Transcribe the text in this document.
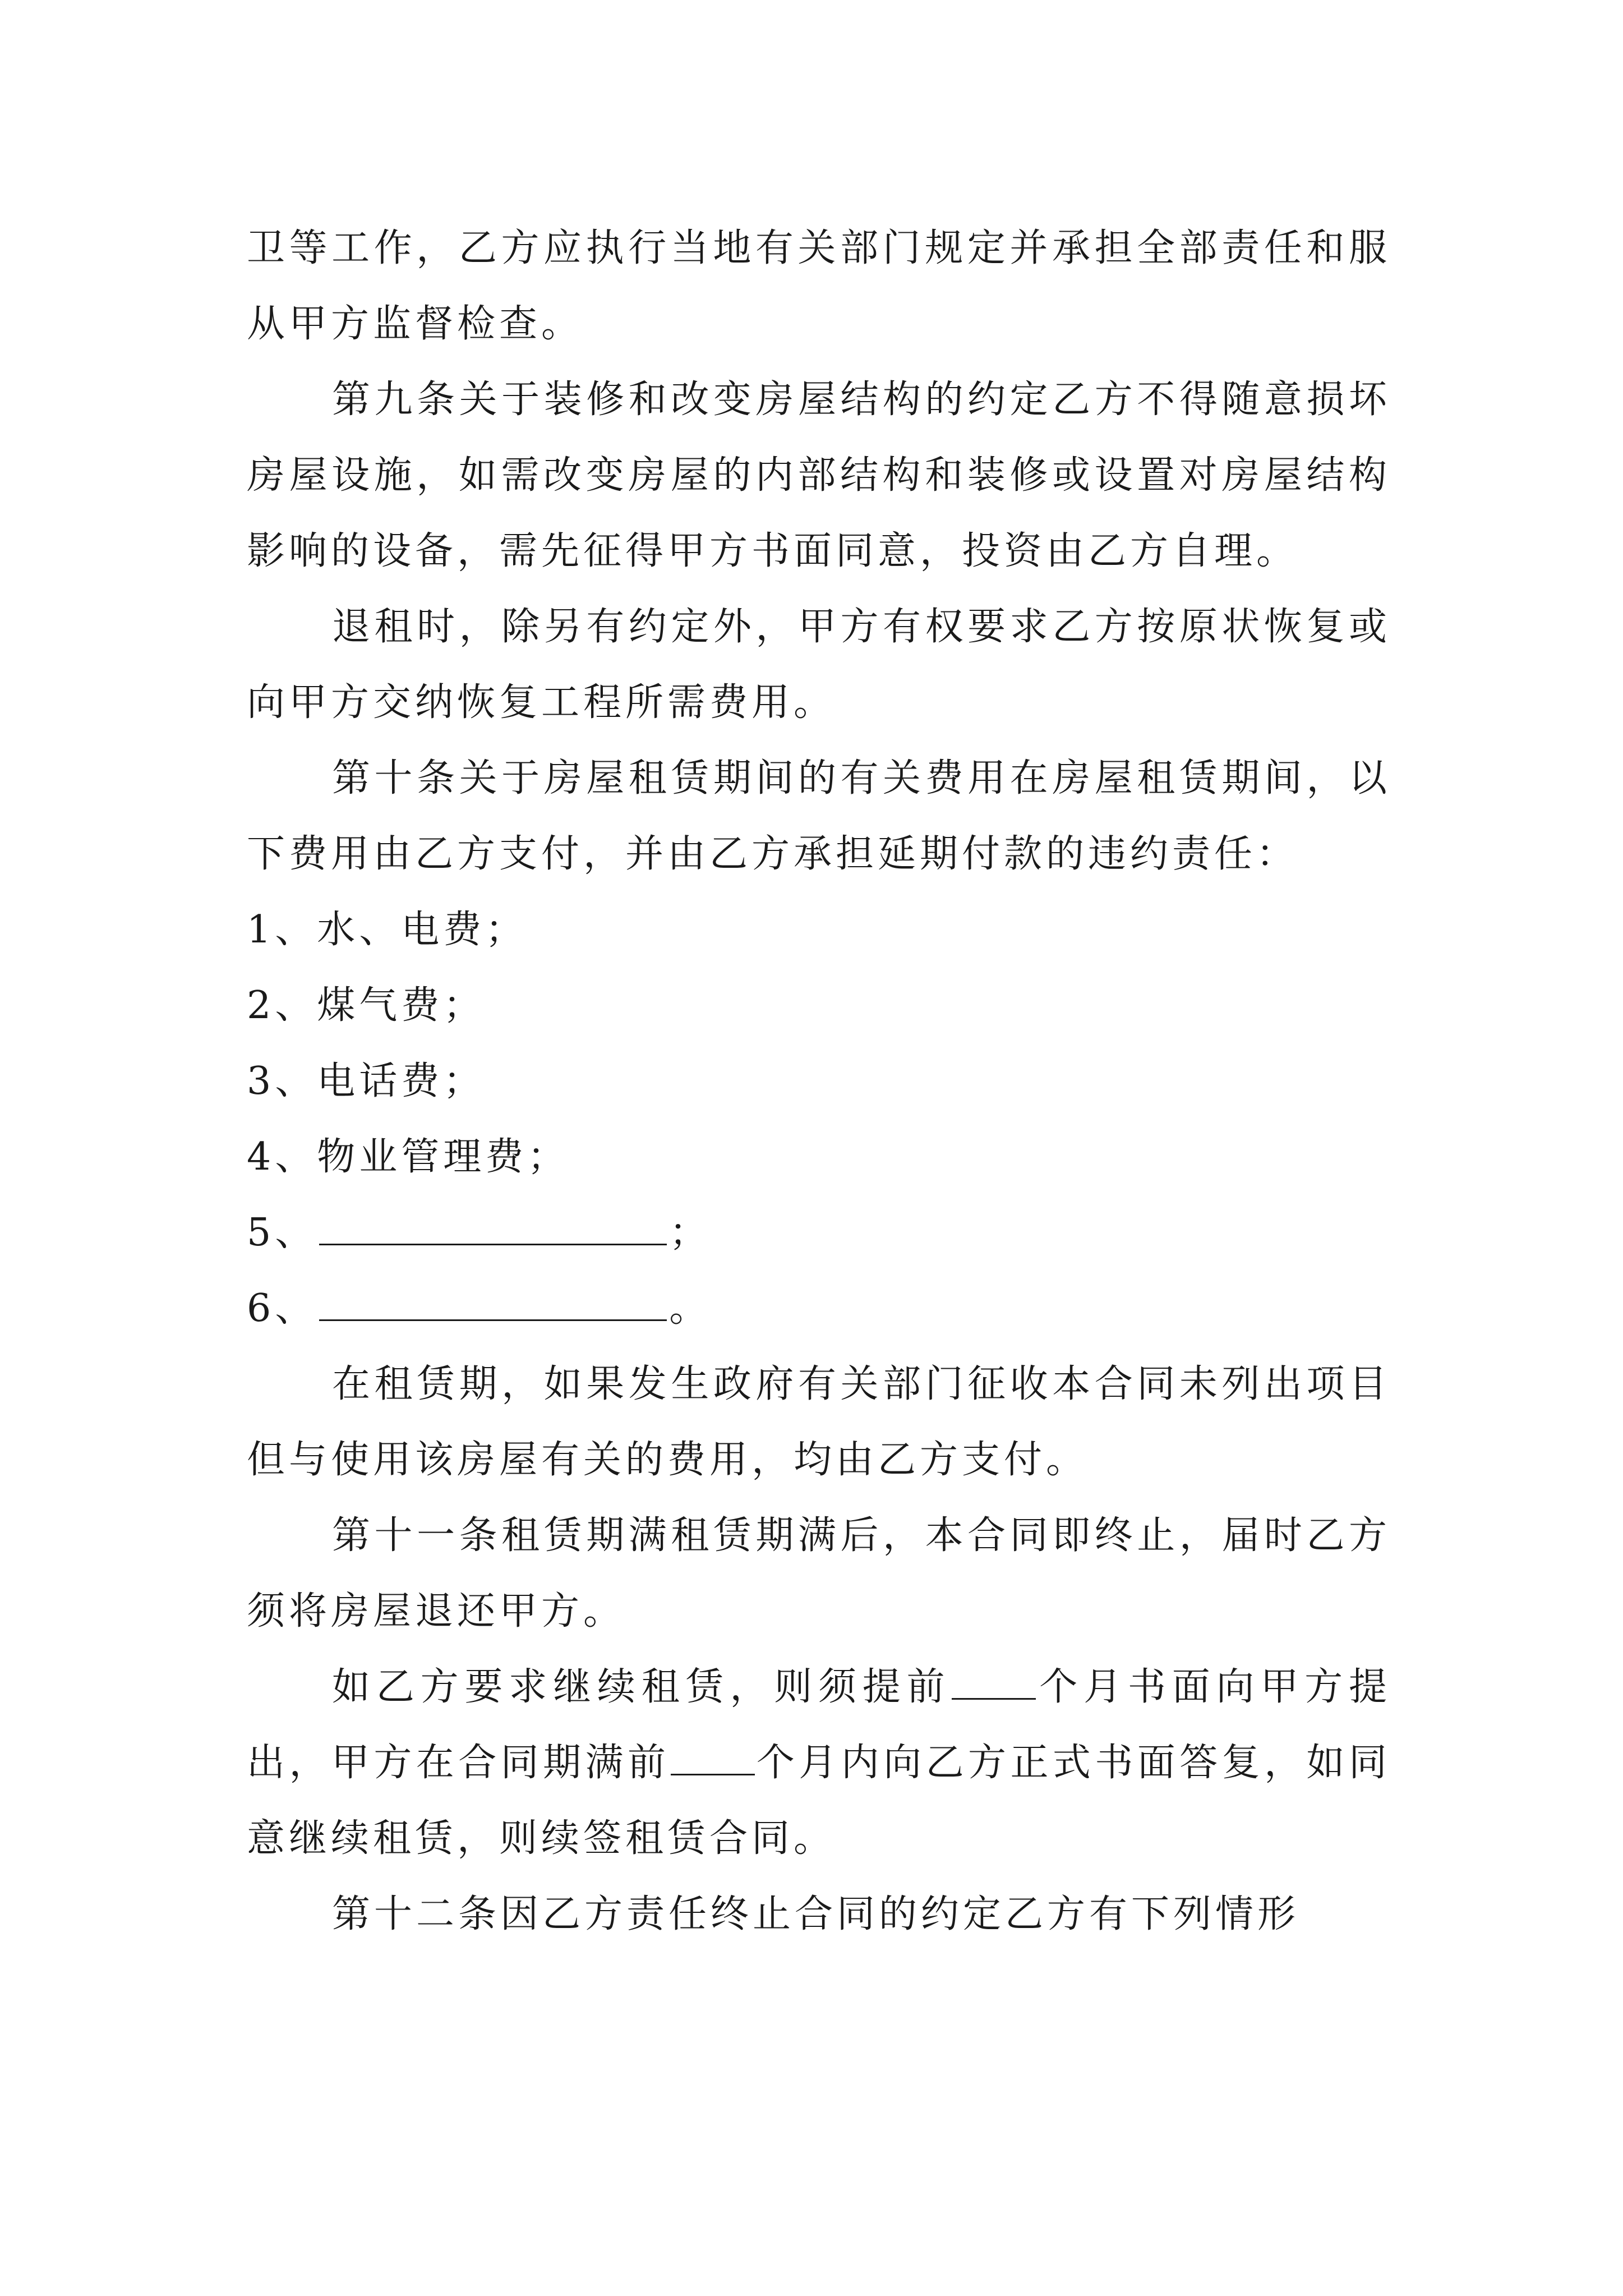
卫等工作，乙方应执行当地有关部门规定并承担全部责任和服从甲方监督检查。

第九条关于装修和改变房屋结构的约定乙方不得随意损坏房屋设施，如需改变房屋的内部结构和装修或设置对房屋结构影响的设备，需先征得甲方书面同意，投资由乙方自理。

退租时，除另有约定外，甲方有权要求乙方按原状恢复或向甲方交纳恢复工程所需费用。

第十条关于房屋租赁期间的有关费用在房屋租赁期间，以下费用由乙方支付，并由乙方承担延期付款的违约责任：

1、水、电费；

2、煤气费；

3、电话费；

4、物业管理费；

5、	；

6、	。

在租赁期，如果发生政府有关部门征收本合同未列出项目但与使用该房屋有关的费用，均由乙方支付。

第十一条租赁期满租赁期满后，本合同即终止，届时乙方须将房屋退还甲方。

如乙方要求继续租赁，则须提前 个月书面向甲方提出，甲方在合同期满前 个月内向乙方正式书面答复，如同意继续租赁，则续签租赁合同。

第十二条因乙方责任终止合同的约定乙方有下列情形
